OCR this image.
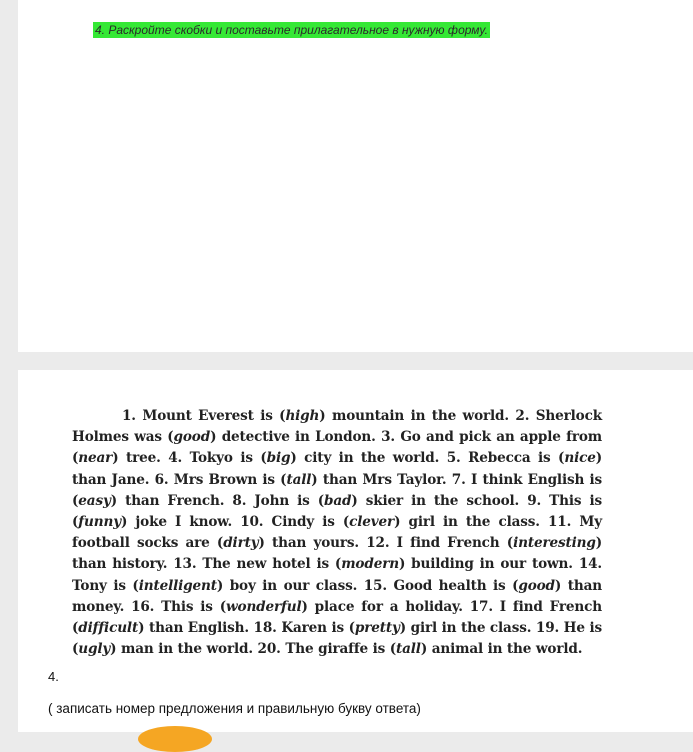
4. Раскройте скобки и поставьте прилагательное в нужную форму.

1. Mount Everest is (high) mountain in the world. 2. Sherlock Holmes was (good) detective in London. 3. Go and pick an apple from (near) tree. 4. Tokyo is (big) city in the world. 5. Rebecca is (nice) than Jane. 6. Mrs Brown is (tall) than Mrs Taylor. 7. I think English is (easy) than French. 8. John is (bad) skier in the school. 9. This is (funny) joke I know. 10. Cindy is (clever) girl in the class. 11. My football socks are (dirty) than yours. 12. I find French (interesting) than history. 13. The new hotel is (modern) building in our town. 14. Tony is (intelligent) boy in our class. 15. Good health is (good) than money. 16. This is (wonderful) place for a holiday. 17. I find French (difficult) than English. 18. Karen is (pretty) girl in the class. 19. He is (ugly) man in the world. 20. The giraffe is (tall) animal in the world.

4.
( записать номер предложения и правильную букву ответа)
